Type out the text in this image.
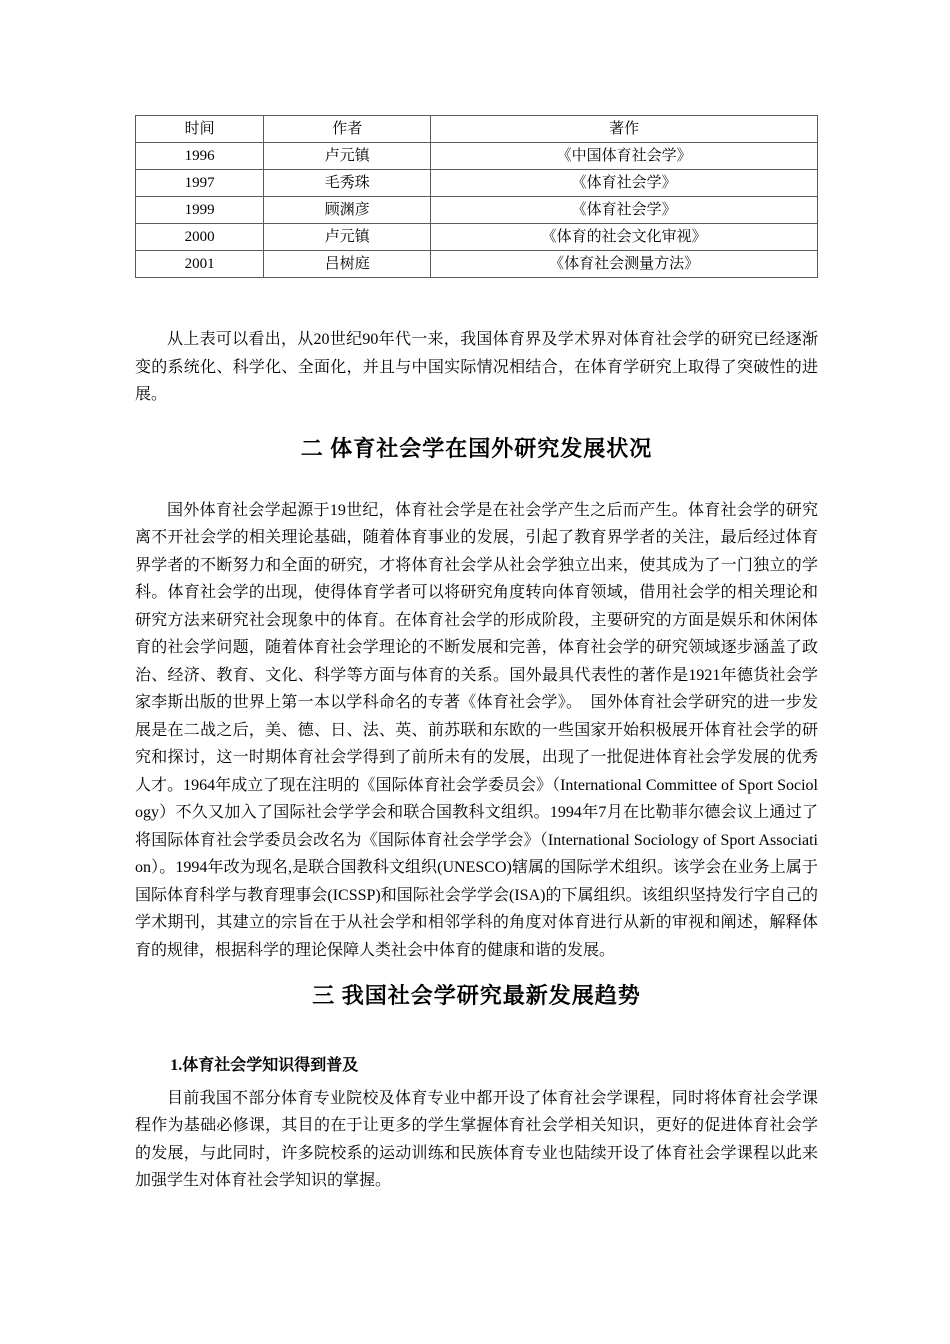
时间	作者	著作
1996	卢元镇	《中国体育社会学》
1997	毛秀珠	《体育社会学》
1999	顾渊彦	《体育社会学》
2000	卢元镇	《体育的社会文化审视》
2001	吕树庭	《体育社会测量方法》

从上表可以看出，从20世纪90年代一来，我国体育界及学术界对体育社会学的研究已经逐渐变的系统化、科学化、全面化，并且与中国实际情况相结合，在体育学研究上取得了突破性的进展。

二 体育社会学在国外研究发展状况

国外体育社会学起源于19世纪，体育社会学是在社会学产生之后而产生。体育社会学的研究离不开社会学的相关理论基础，随着体育事业的发展，引起了教育界学者的关注，最后经过体育界学者的不断努力和全面的研究，才将体育社会学从社会学独立出来，使其成为了一门独立的学科。体育社会学的出现，使得体育学者可以将研究角度转向体育领域，借用社会学的相关理论和研究方法来研究社会现象中的体育。在体育社会学的形成阶段，主要研究的方面是娱乐和休闲体育的社会学问题，随着体育社会学理论的不断发展和完善，体育社会学的研究领域逐步涵盖了政治、经济、教育、文化、科学等方面与体育的关系。国外最具代表性的著作是1921年德货社会学家李斯出版的世界上第一本以学科命名的专著《体育社会学》。　国外体育社会学研究的进一步发展是在二战之后，美、德、日、法、英、前苏联和东欧的一些国家开始积极展开体育社会学的研究和探讨，这一时期体育社会学得到了前所未有的发展，出现了一批促进体育社会学发展的优秀人才。1964年成立了现在注明的《国际体育社会学委员会》（International Committee of Sport Sociology）不久又加入了国际社会学学会和联合国教科文组织。1994年7月在比勒菲尔德会议上通过了将国际体育社会学委员会改名为《国际体育社会学学会》（International Sociology of Sport Association）。1994年改为现名,是联合国教科文组织(UNESCO)辖属的国际学术组织。该学会在业务上属于国际体育科学与教育理事会(ICSSP)和国际社会学学会(ISA)的下属组织。该组织坚持发行字自己的学术期刊，其建立的宗旨在于从社会学和相邻学科的角度对体育进行从新的审视和阐述，解释体育的规律，根据科学的理论保障人类社会中体育的健康和谐的发展。

三 我国社会学研究最新发展趋势
1.体育社会学知识得到普及

目前我国不部分体育专业院校及体育专业中都开设了体育社会学课程，同时将体育社会学课程作为基础必修课，其目的在于让更多的学生掌握体育社会学相关知识，更好的促进体育社会学的发展，与此同时，许多院校系的运动训练和民族体育专业也陆续开设了体育社会学课程以此来加强学生对体育社会学知识的掌握。
